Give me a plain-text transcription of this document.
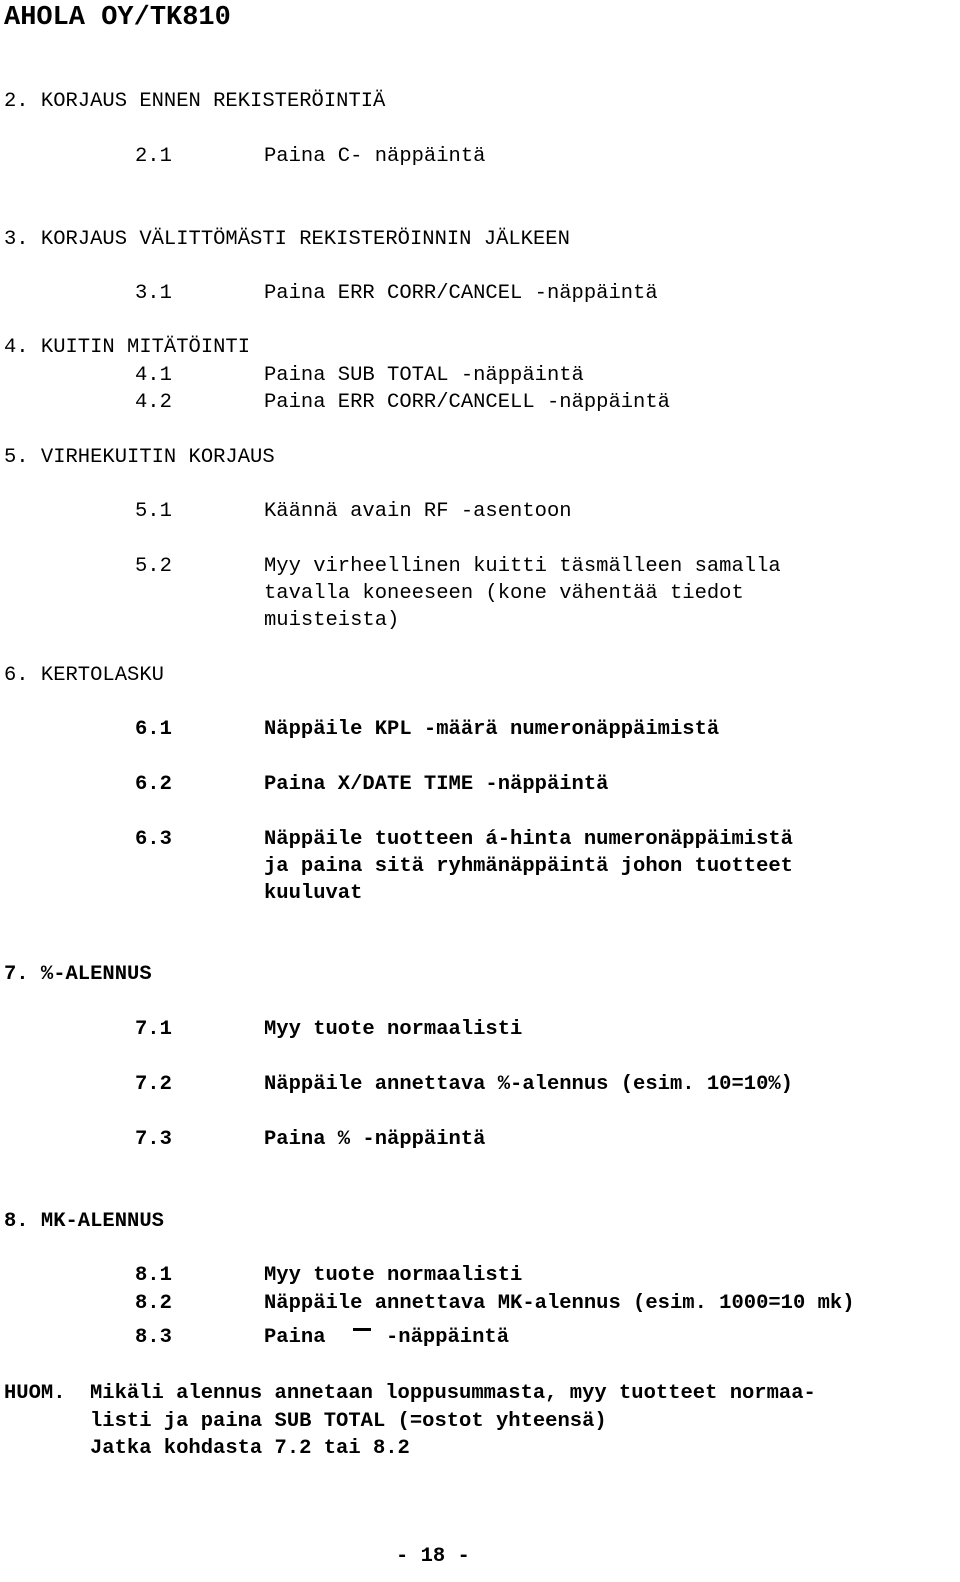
AHOLA OY/TK810
2. KORJAUS ENNEN REKISTERÖINTIÄ
2.1	Paina C- näppäintä
3. KORJAUS VÄLITTÖMÄSTI REKISTERÖINNIN JÄLKEEN
3.1	Paina ERR CORR/CANCEL -näppäintä
4. KUITIN MITÄTÖINTI
4.1	Paina SUB TOTAL -näppäintä
4.2	Paina ERR CORR/CANCELL -näppäintä
5. VIRHEKUITIN KORJAUS
5.1	Käännä avain RF -asentoon
5.2	Myy virheellinen kuitti täsmälleen samalla
tavalla koneeseen (kone vähentää tiedot
muisteista)
6. KERTOLASKU
6.1	Näppäile KPL -määrä numeronäppäimistä
6.2	Paina X/DATE TIME -näppäintä
6.3	Näppäile tuotteen á-hinta numeronäppäimistä
ja paina sitä ryhmänäppäintä johon tuotteet
kuuluvat
7. %-ALENNUS
7.1	Myy tuote normaalisti
7.2	Näppäile annettava %-alennus (esim. 10=10%)
7.3	Paina % -näppäintä
8. MK-ALENNUS
8.1	Myy tuote normaalisti
8.2	Näppäile annettava MK-alennus (esim. 1000=10 mk)
8.3	Paina	-näppäintä
HUOM. Mikäli alennus annetaan loppusummasta, myy tuotteet normaa-
listi ja paina SUB TOTAL (=ostot yhteensä)
Jatka kohdasta 7.2 tai 8.2
- 18 -
